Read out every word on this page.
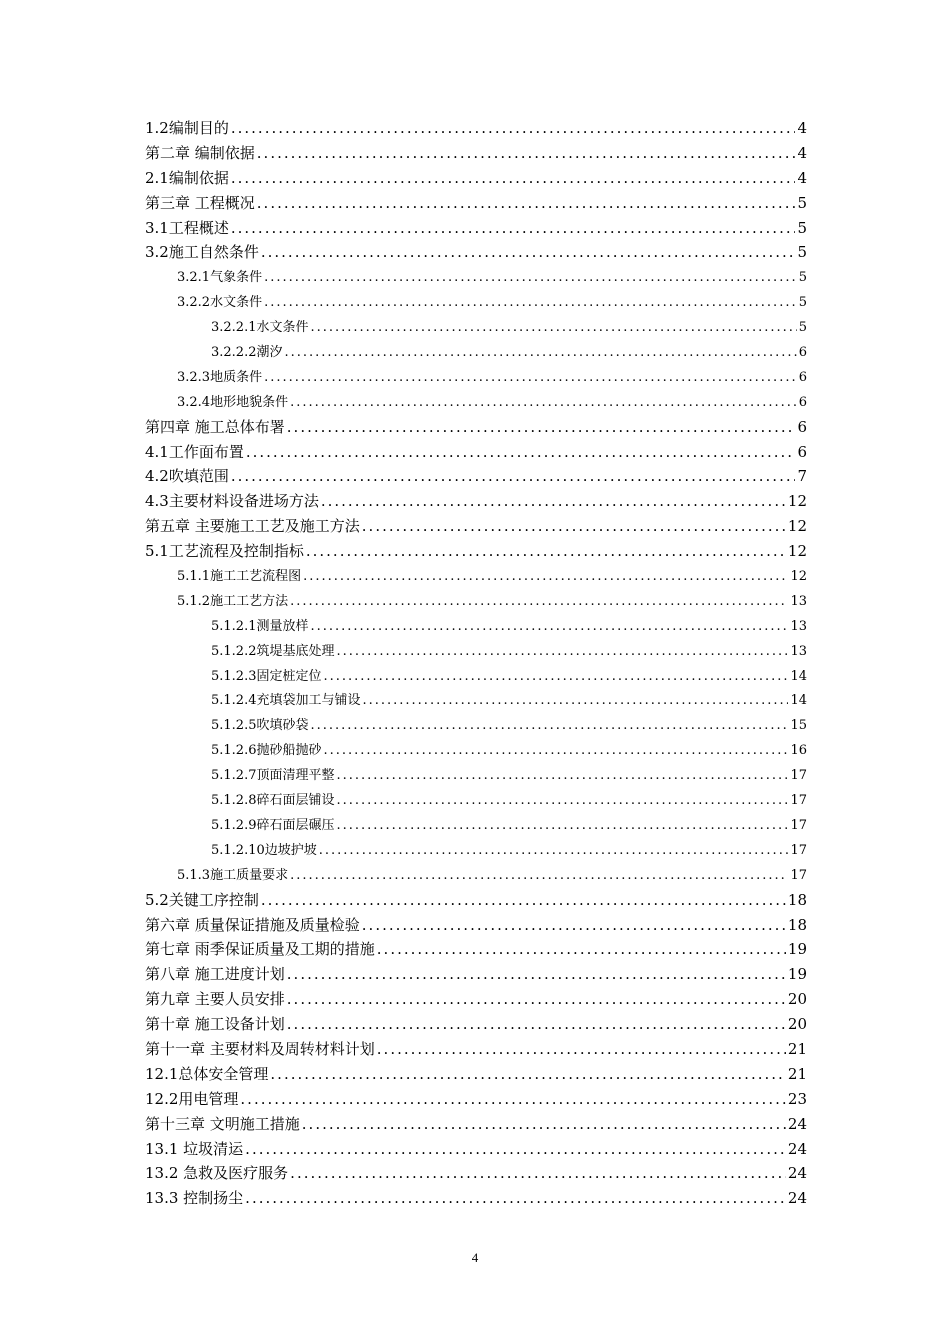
1.2编制目的 .....	4
第二章 编制依据 .....	4
2.1编制依据 .....	4
第三章 工程概况 .....	5
3.1工程概述 .....	5
3.2施工自然条件 .....	5
3.2.1气象条件 .....	5
3.2.2水文条件 .....	5
3.2.2.1水文条件 .....	5
3.2.2.2潮汐 .....	6
3.2.3地质条件 .....	6
3.2.4地形地貌条件 .....	6
第四章 施工总体布署 .....	6
4.1工作面布置 .....	6
4.2吹填范围 .....	7
4.3主要材料设备进场方法 .....	12
第五章 主要施工工艺及施工方法 .....	12
5.1工艺流程及控制指标 .....	12
5.1.1施工工艺流程图 .....	12
5.1.2施工工艺方法 .....	13
5.1.2.1测量放样 .....	13
5.1.2.2筑堤基底处理 .....	13
5.1.2.3固定桩定位 .....	14
5.1.2.4充填袋加工与铺设 .....	14
5.1.2.5吹填砂袋 .....	15
5.1.2.6抛砂船抛砂 .....	16
5.1.2.7顶面清理平整 .....	17
5.1.2.8碎石面层铺设 .....	17
5.1.2.9碎石面层碾压 .....	17
5.1.2.10边坡护坡 .....	17
5.1.3施工质量要求 .....	17
5.2关键工序控制 .....	18
第六章 质量保证措施及质量检验 .....	18
第七章 雨季保证质量及工期的措施 .....	19
第八章 施工进度计划 .....	19
第九章 主要人员安排 .....	20
第十章 施工设备计划 .....	20
第十一章 主要材料及周转材料计划 .....	21
12.1总体安全管理 .....	21
12.2用电管理 .....	23
第十三章 文明施工措施 .....	24
13.1 垃圾清运 .....	24
13.2 急救及医疗服务 .....	24
13.3 控制扬尘 .....	24
4
